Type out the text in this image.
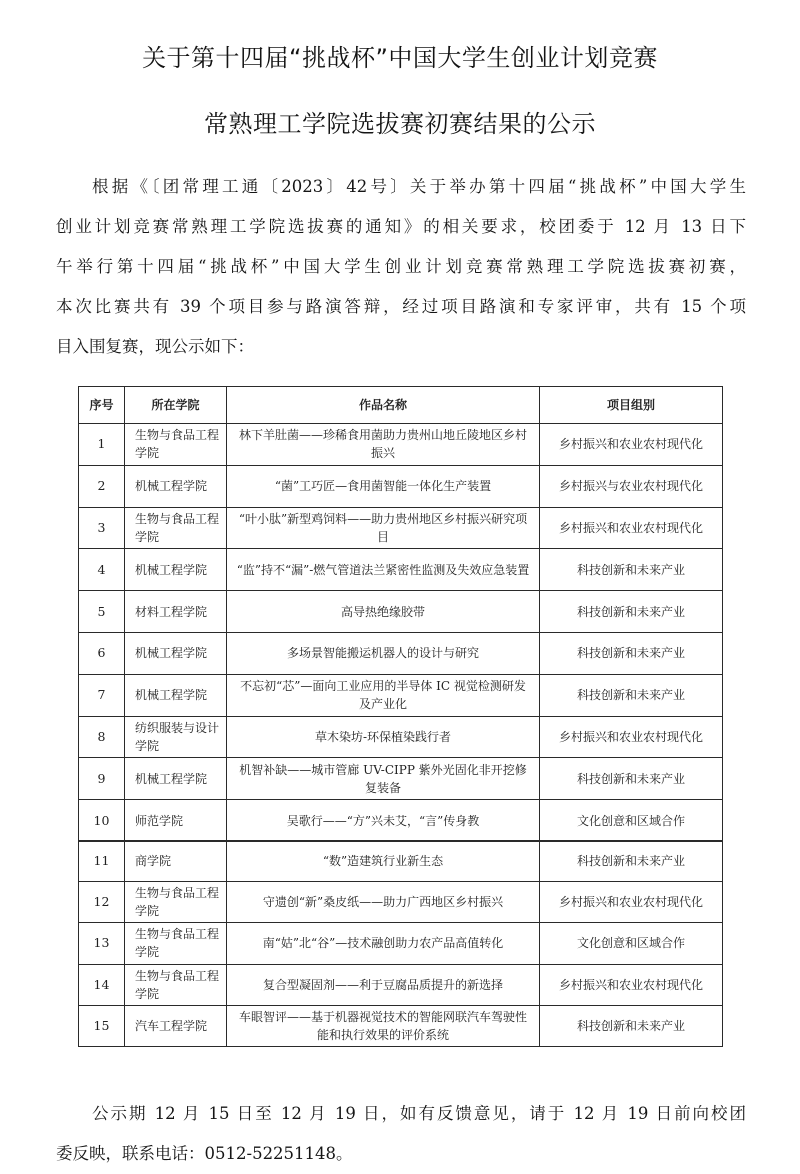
关于第十四届“挑战杯”中国大学生创业计划竞赛
常熟理工学院选拔赛初赛结果的公示
根据《〔团常理工通〔2023〕42号〕关于举办第十四届“挑战杯”中国大学生
创业计划竞赛常熟理工学院选拔赛的通知》的相关要求，校团委于 12 月 13 日下
午举行第十四届“挑战杯”中国大学生创业计划竞赛常熟理工学院选拔赛初赛，
本次比赛共有 39 个项目参与路演答辩，经过项目路演和专家评审，共有 15 个项
目入围复赛，现公示如下：
序号	所在学院	作品名称	项目组别
1	生物与食品工程学院	林下羊肚菌——珍稀食用菌助力贵州山地丘陵地区乡村振兴	乡村振兴和农业农村现代化
2	机械工程学院	“菌”工巧匠—食用菌智能一体化生产装置	乡村振兴与农业农村现代化
3	生物与食品工程学院	“叶小肽”新型鸡饲料——助力贵州地区乡村振兴研究项目	乡村振兴和农业农村现代化
4	机械工程学院	“监”持不“漏”-燃气管道法兰紧密性监测及失效应急装置	科技创新和未来产业
5	材料工程学院	高导热绝缘胶带	科技创新和未来产业
6	机械工程学院	多场景智能搬运机器人的设计与研究	科技创新和未来产业
7	机械工程学院	不忘初“芯”—面向工业应用的半导体 IC 视觉检测研发及产业化	科技创新和未来产业
8	纺织服装与设计学院	草木染坊-环保植染践行者	乡村振兴和农业农村现代化
9	机械工程学院	机智补缺——城市管廊 UV-CIPP 紫外光固化非开挖修复装备	科技创新和未来产业
10	师范学院	吴歌行——“方”兴未艾，“言”传身教	文化创意和区域合作
11	商学院	“数”造建筑行业新生态	科技创新和未来产业
12	生物与食品工程学院	守遗创“新”桑皮纸——助力广西地区乡村振兴	乡村振兴和农业农村现代化
13	生物与食品工程学院	南“姑”北“谷”—技术融创助力农产品高值转化	文化创意和区域合作
14	生物与食品工程学院	复合型凝固剂——利于豆腐品质提升的新选择	乡村振兴和农业农村现代化
15	汽车工程学院	车眼智评——基于机器视觉技术的智能网联汽车驾驶性能和执行效果的评价系统	科技创新和未来产业
公示期 12 月 15 日至 12 月 19 日，如有反馈意见，请于 12 月 19 日前向校团
委反映，联系电话：0512-52251148。
